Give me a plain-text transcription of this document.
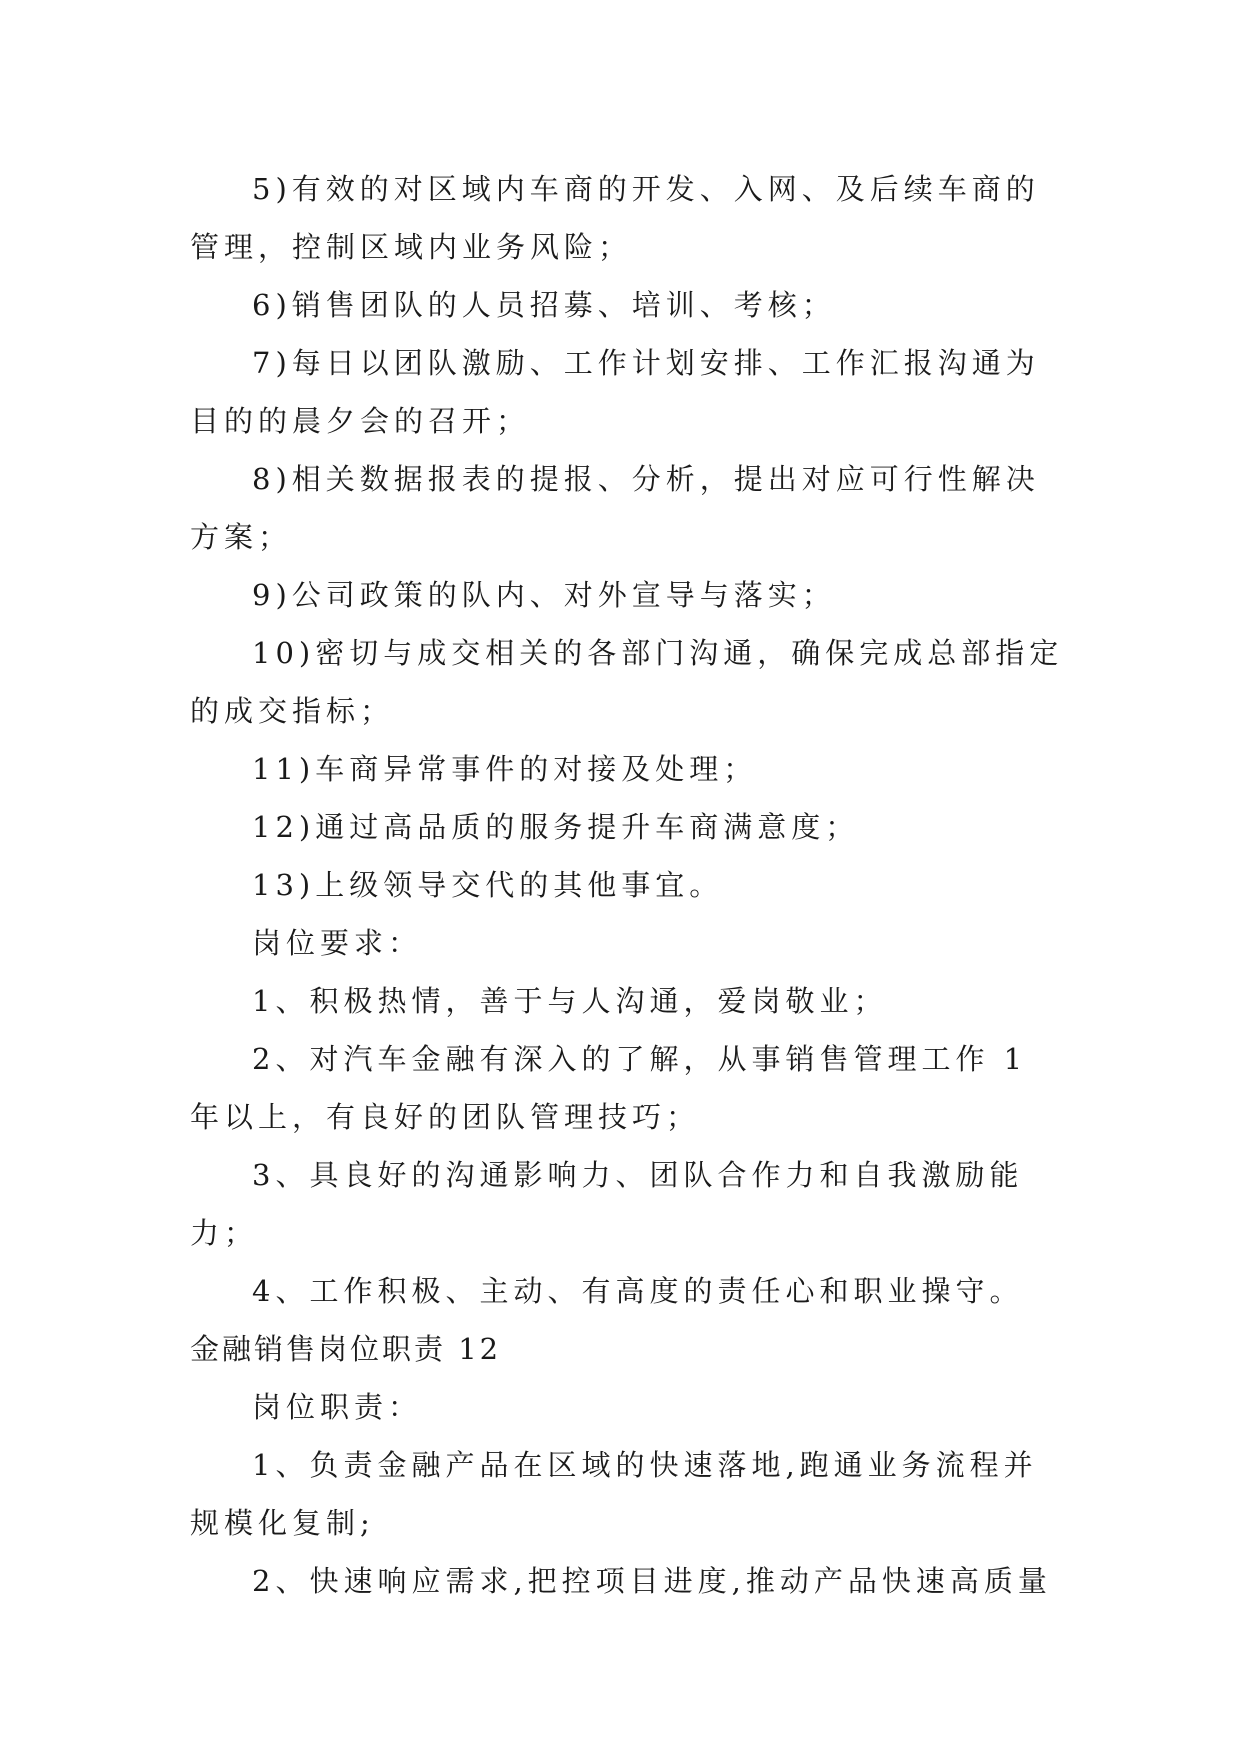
5)有效的对区域内车商的开发、入网、及后续车商的管理，控制区域内业务风险；

6)销售团队的人员招募、培训、考核；

7)每日以团队激励、工作计划安排、工作汇报沟通为目的的晨夕会的召开；

8)相关数据报表的提报、分析，提出对应可行性解决方案；

9)公司政策的队内、对外宣导与落实；

10)密切与成交相关的各部门沟通，确保完成总部指定的成交指标；

11)车商异常事件的对接及处理；

12)通过高品质的服务提升车商满意度；

13)上级领导交代的其他事宜。

岗位要求：

1、积极热情，善于与人沟通，爱岗敬业；

2、对汽车金融有深入的了解，从事销售管理工作 1 年以上，有良好的团队管理技巧；

3、具良好的沟通影响力、团队合作力和自我激励能力；

4、工作积极、主动、有高度的责任心和职业操守。

金融销售岗位职责 12

岗位职责：

1、负责金融产品在区域的快速落地,跑通业务流程并规模化复制;

2、快速响应需求,把控项目进度,推动产品快速高质量
